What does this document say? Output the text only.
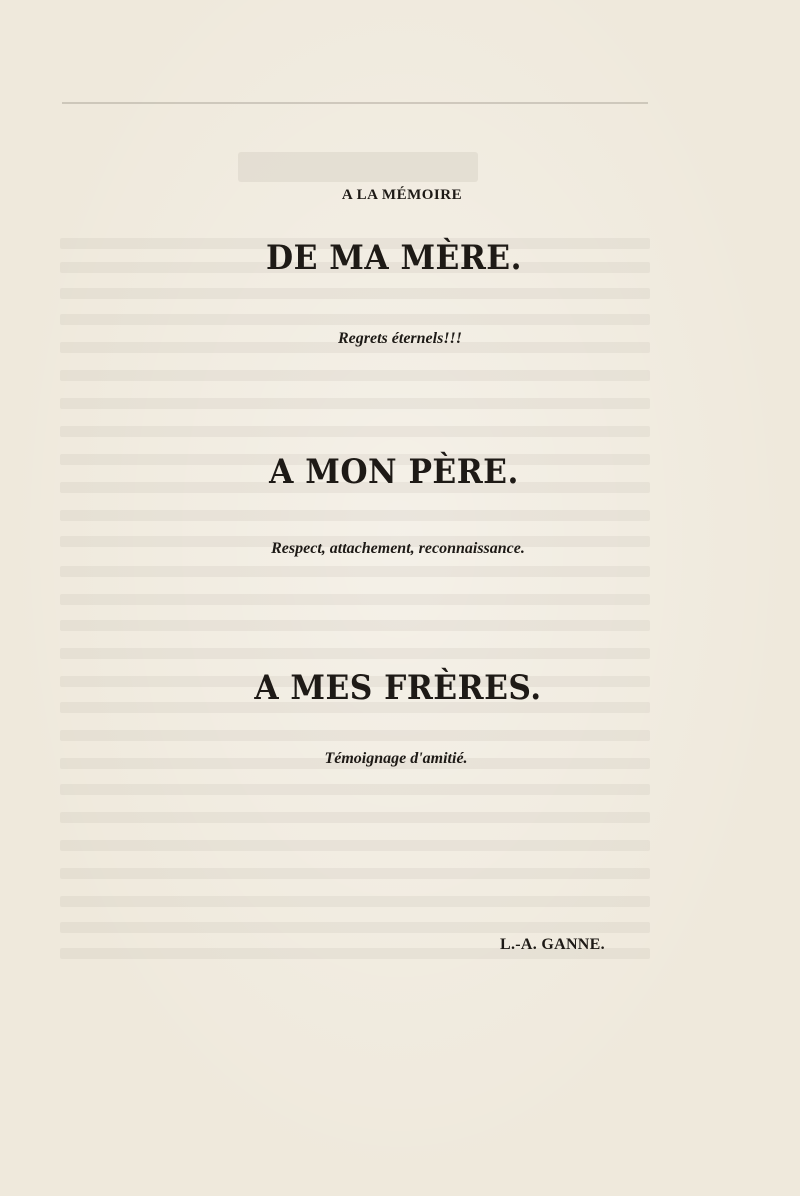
A LA MÉMOIRE
DE MA MÈRE.
Regrets éternels!!!
A MON PÈRE.
Respect, attachement, reconnaissance.
A MES FRÈRES.
Témoignage d'amitié.
L.-A. GANNE.
